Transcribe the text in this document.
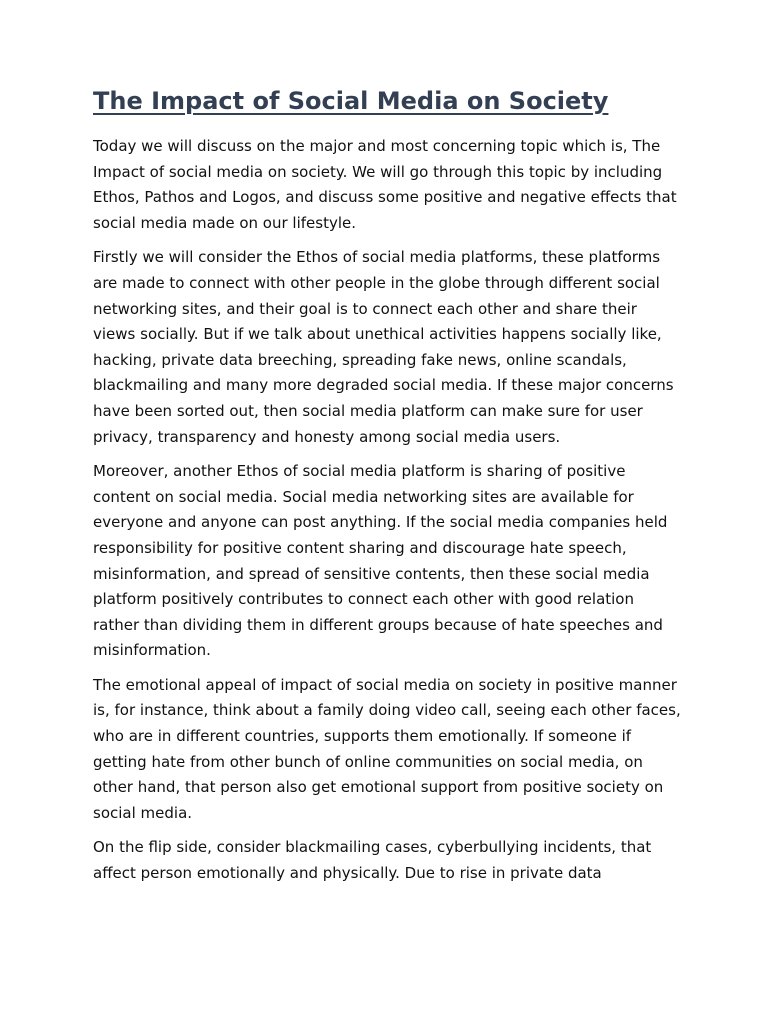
The Impact of Social Media on Society

Today we will discuss on the major and most concerning topic which is, The Impact of social media on society. We will go through this topic by including Ethos, Pathos and Logos, and discuss some positive and negative effects that social media made on our lifestyle.

Firstly we will consider the Ethos of social media platforms, these platforms are made to connect with other people in the globe through different social networking sites, and their goal is to connect each other and share their views socially. But if we talk about unethical activities happens socially like, hacking, private data breeching, spreading fake news, online scandals, blackmailing and many more degraded social media. If these major concerns have been sorted out, then social media platform can make sure for user privacy, transparency and honesty among social media users.

Moreover, another Ethos of social media platform is sharing of positive content on social media. Social media networking sites are available for everyone and anyone can post anything. If the social media companies held responsibility for positive content sharing and discourage hate speech, misinformation, and spread of sensitive contents, then these social media platform positively contributes to connect each other with good relation rather than dividing them in different groups because of hate speeches and misinformation.

The emotional appeal of impact of social media on society in positive manner is, for instance, think about a family doing video call, seeing each other faces, who are in different countries, supports them emotionally. If someone if getting hate from other bunch of online communities on social media, on other hand, that person also get emotional support from positive society on social media.

On the flip side, consider blackmailing cases, cyberbullying incidents, that affect person emotionally and physically. Due to rise in private data
